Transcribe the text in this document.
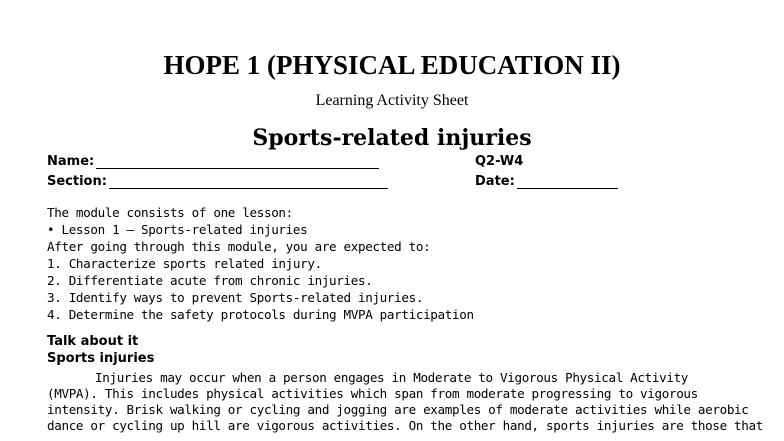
HOPE 1 (PHYSICAL EDUCATION II)
Learning Activity Sheet
Sports-related injuries
Name:	Q2-W4
Section:	Date:
The module consists of one lesson:
• Lesson 1 – Sports-related injuries
After going through this module, you are expected to:
1. Characterize sports related injury.
2. Differentiate acute from chronic injuries.
3. Identify ways to prevent Sports-related injuries.
4. Determine the safety protocols during MVPA participation
Talk about it
Sports injuries
Injuries may occur when a person engages in Moderate to Vigorous Physical Activity
(MVPA). This includes physical activities which span from moderate progressing to vigorous
intensity. Brisk walking or cycling and jogging are examples of moderate activities while aerobic
dance or cycling up hill are vigorous activities. On the other hand, sports injuries are those that
